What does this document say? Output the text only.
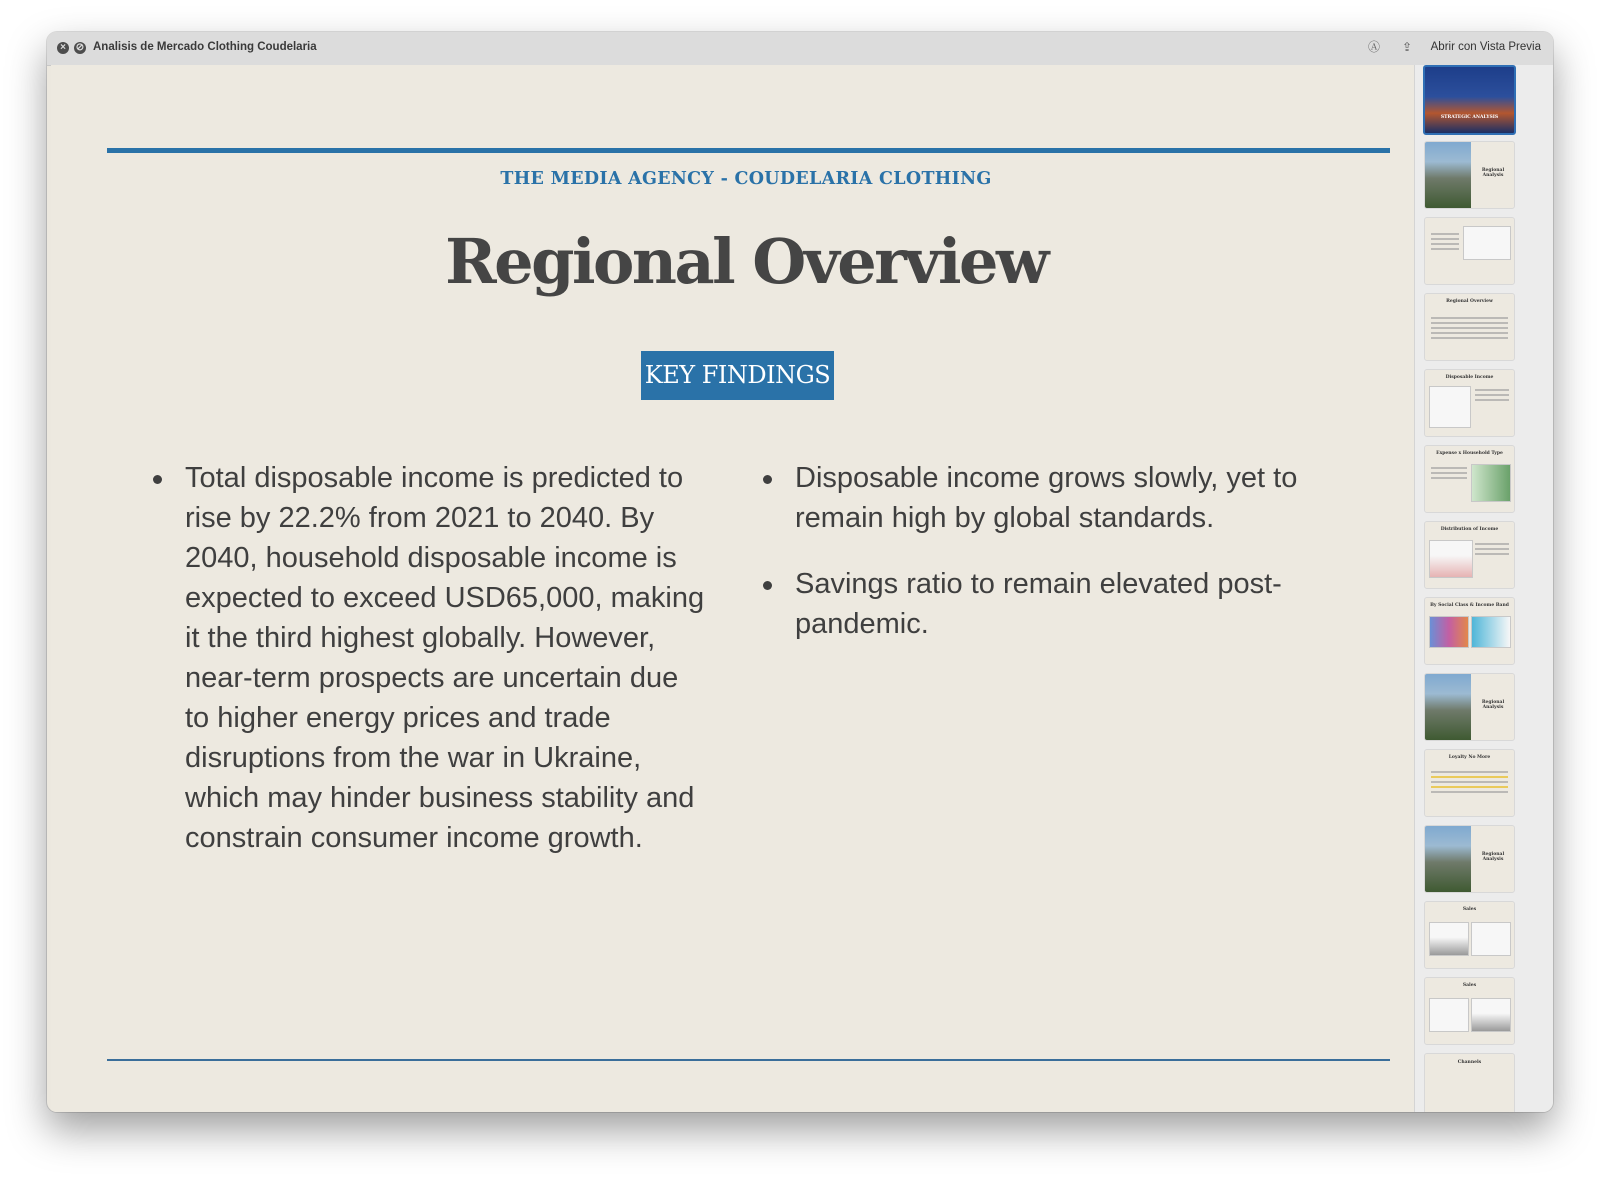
× ⊘ Analisis de Mercado Clothing Coudelaria	Ⓐ ⇪ Abrir con Vista Previa
THE MEDIA AGENCY - COUDELARIA CLOTHING
Regional Overview
KEY FINDINGS
Total disposable income is predicted to rise by 22.2% from 2021 to 2040. By 2040, household disposable income is expected to exceed USD65,000, making it the third highest globally. However, near-term prospects are uncertain due to higher energy prices and trade disruptions from the war in Ukraine, which may hinder business stability and constrain consumer income growth.
Disposable income grows slowly, yet to remain high by global standards.
Savings ratio to remain elevated post-pandemic.
STRATEGIC ANALYSIS
Regional Analysis
Regional Overview
Disposable Income
Expense x Household Type
Distribution of Income
By Social Class & Income Band
Regional Analysis
Loyalty No More
Regional Analysis
Sales
Sales
Channels
